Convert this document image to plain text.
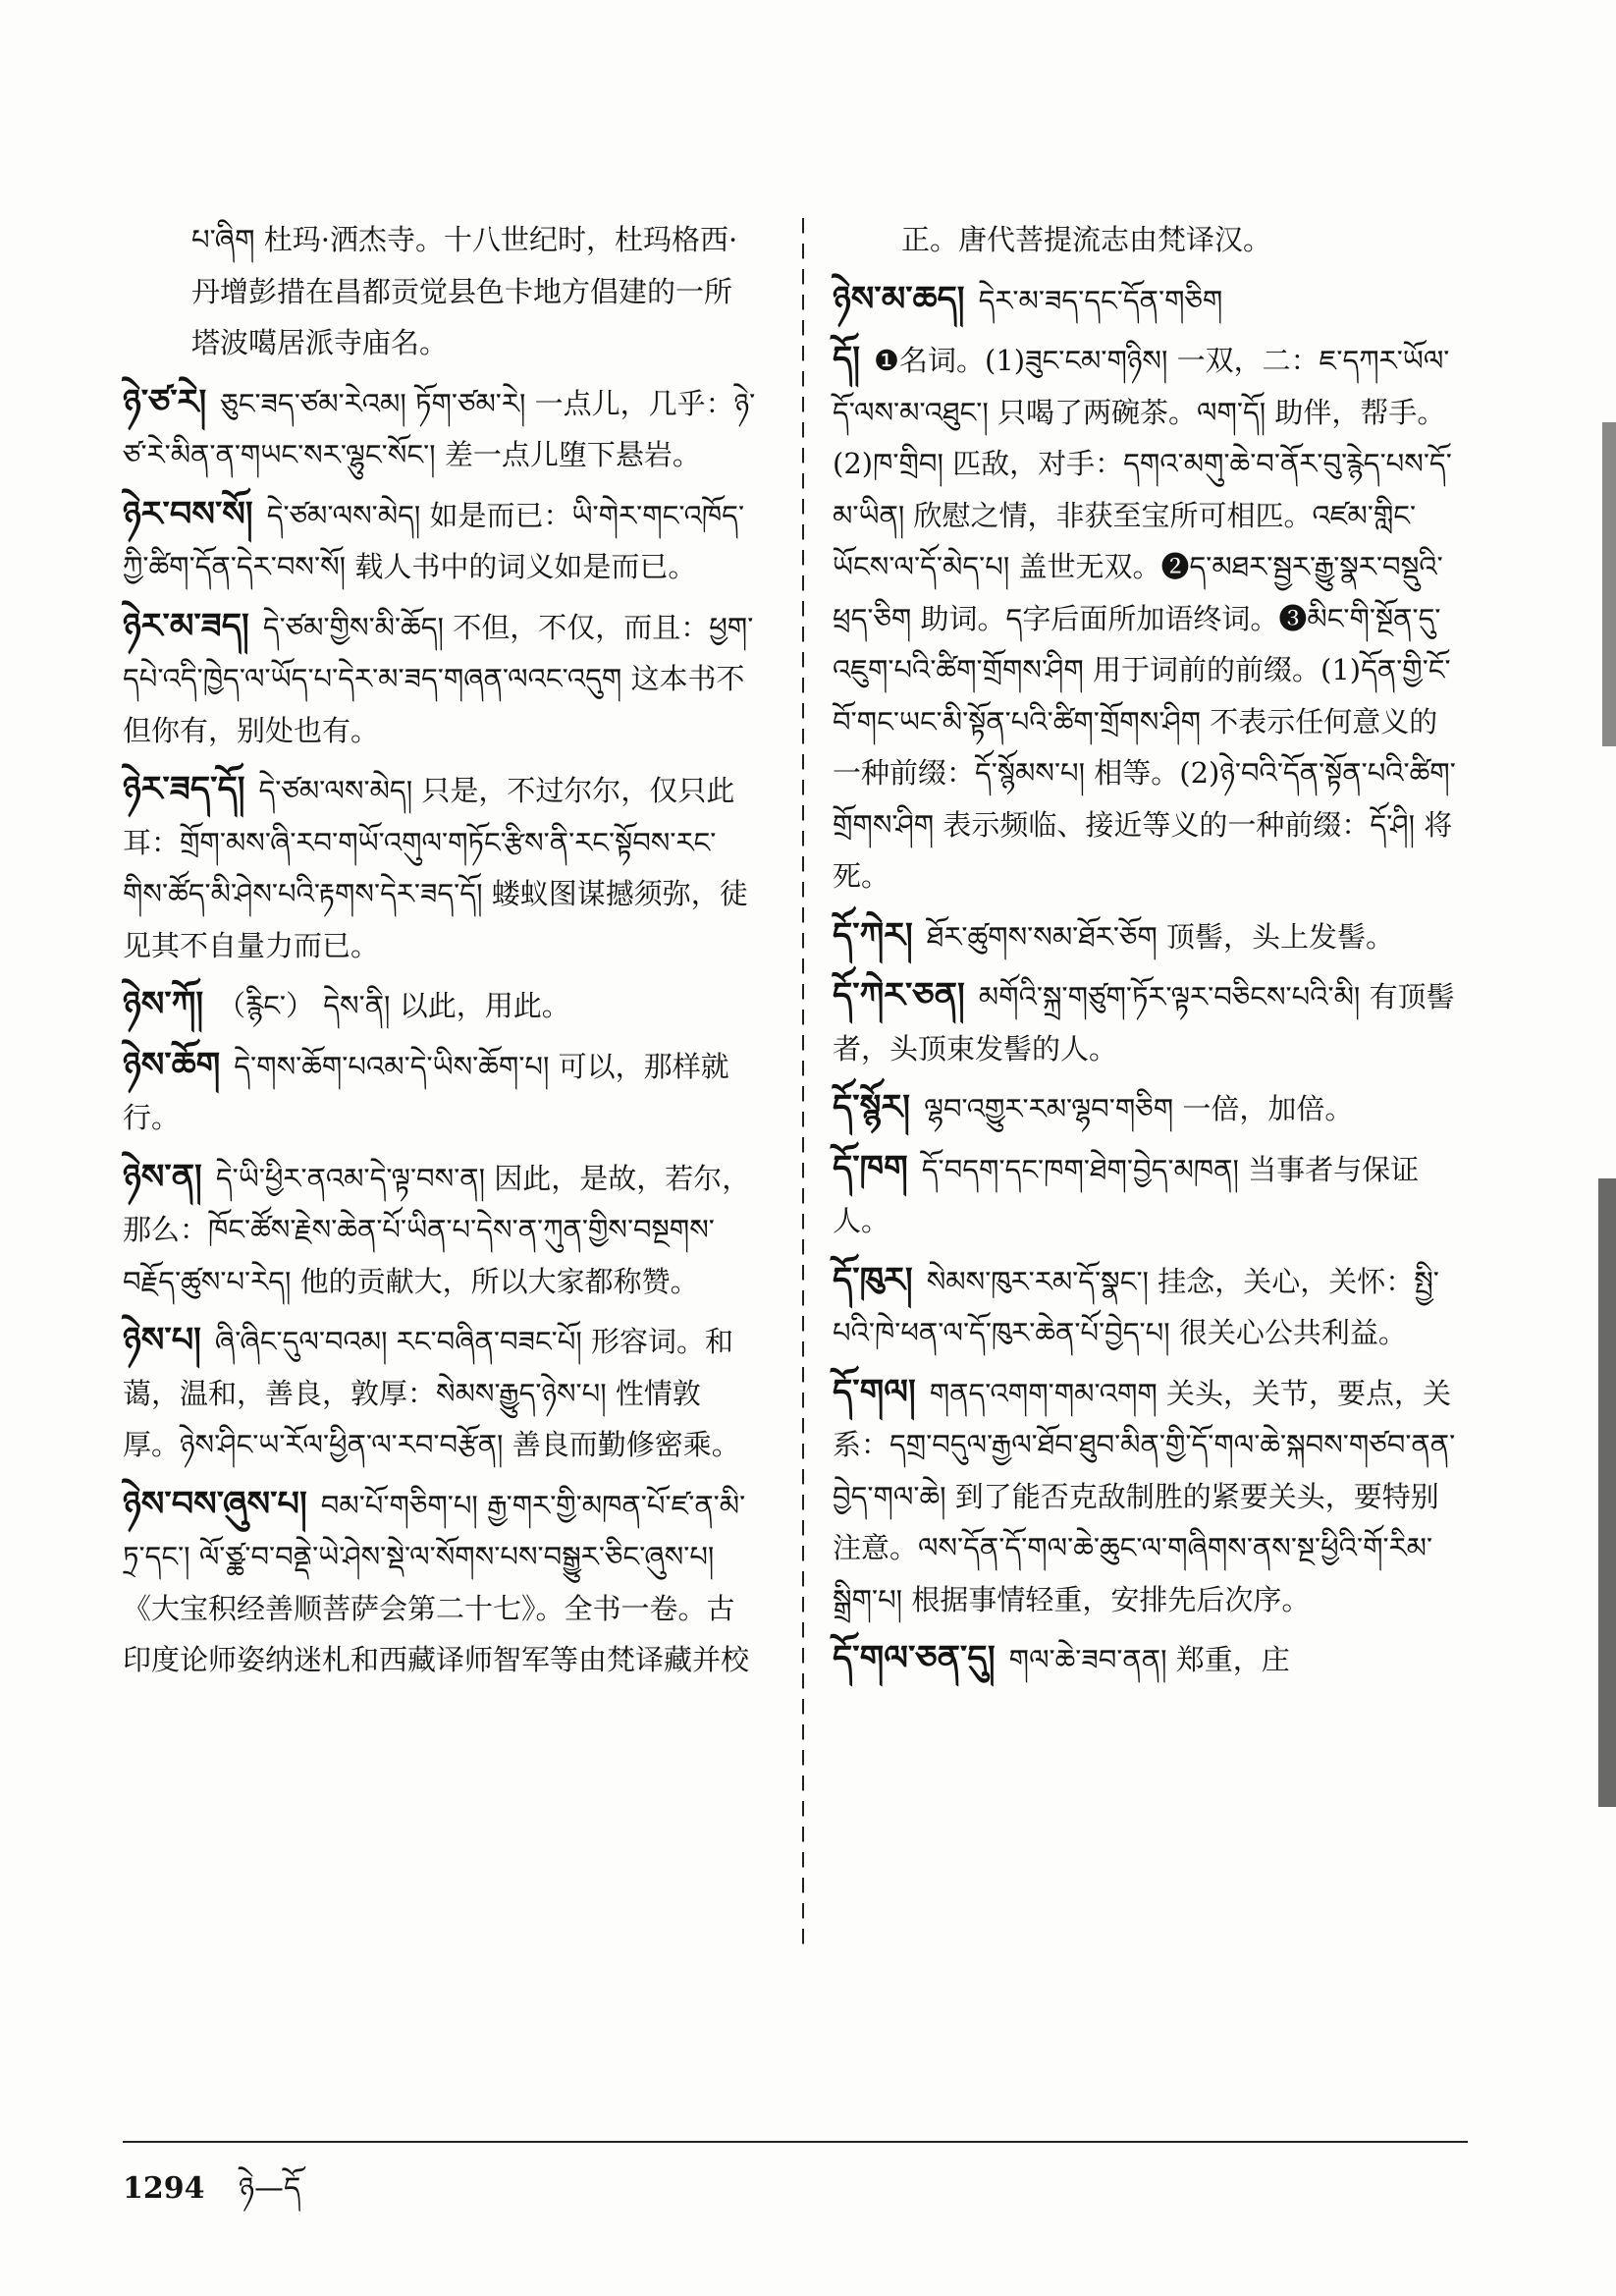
པ་ཞིག 杜玛·洒杰寺。十八世纪时，杜玛格西·丹增彭措在昌都贡觉县色卡地方倡建的一所 塔波噶居派寺庙名。
ཉེ་ཙ་རེ། ཅུང་ཟད་ཙམ་རེའམ། ཏོག་ཙམ་རེ། 一点儿，几乎：ཉེ་ཙ་རེ་མིན་ན་གཡང་སར་ལྷུང་སོང་། 差一点儿堕下悬岩。
ཉེར་བས་སོ། དེ་ཙམ་ལས་མེད། 如是而已：ཡི་གེར་གང་འཁོད་ཀྱི་ཚིག་དོན་དེར་བས་སོ། 载人书中的词义如是而已。
ཉེར་མ་ཟད། དེ་ཙམ་གྱིས་མི་ཆོད། 不但，不仅，而且：ཕྱག་དཔེ་འདི་ཁྱེད་ལ་ཡོད་པ་དེར་མ་ཟད་གཞན་ལའང་འདུག 这本书不但你有，别处也有。
ཉེར་ཟད་དོ། དེ་ཙམ་ལས་མེད། 只是，不过尔尔，仅只此耳：གྲོག་མས་ཞི་རབ་གཡོ་འགུལ་གཏོང་རྩིས་ནི་རང་སྟོབས་རང་གིས་ཚོད་མི་ཤེས་པའི་རྟགས་དེར་ཟད་དོ། 蝼蚁图谋撼须弥，徒见其不自量力而已。
ཉེས་ཀོ། （རྙིང་） དེས་ནི། 以此，用此。
ཉེས་ཆོག དེ་གས་ཆོག་པའམ་དེ་ཡིས་ཆོག་པ། 可以，那样就行。
ཉེས་ན། དེ་ཡི་ཕྱིར་ནའམ་དེ་ལྟ་བས་ན། 因此，是故，若尔，那么：ཁོང་ཚོས་རྗེས་ཆེན་པོ་ཡིན་པ་དེས་ན་ཀུན་གྱིས་བསྔགས་བརྗོད་ཚུས་པ་རེད། 他的贡献大，所以大家都称赞。
ཉེས་པ། ཞི་ཞིང་དུལ་བའམ། རང་བཞིན་བཟང་པོ། 形容词。和蔼，温和，善良，敦厚：སེམས་རྒྱུད་ཉེས་པ། 性情敦厚。ཉེས་ཤིང་ཡ་རོལ་ཕྱིན་ལ་རབ་བརྩོན། 善良而勤修密乘。
ཉེས་བས་ཞུས་པ། བམ་པོ་གཅིག་པ། རྒྱ་གར་གྱི་མཁན་པོ་ཛ་ན་མི་ཏྲ་དང་། ལོ་ཙྪ་བ་བནྡེ་ཡེ་ཤེས་སྡེ་ལ་སོགས་པས་བསྒྱུར་ཅིང་ཞུས་པ། 《大宝积经善顺菩萨会第二十七》。全书一卷。古印度论师姿纳迷札和西藏译师智军等由梵译藏并校
正。唐代菩提流志由梵译汉。
ཉེས་མ་ཆད། དེར་མ་ཟད་དང་དོན་གཅིག
དོ། ❶名词。(1)ཟུང་ངམ་གཉིས། 一双，二：ཇ་དཀར་ཡོལ་དོ་ལས་མ་འཐུང་། 只喝了两碗茶。ལག་དོ། 助伴，帮手。(2)ཁ་གྲིབ། 匹敌，对手：དགའ་མགུ་ཆེ་བ་ནོར་བུ་རྙེད་པས་དོ་མ་ཡིན། 欣慰之情，非获至宝所可相匹。འཛམ་གླིང་ཡོངས་ལ་དོ་མེད་པ། 盖世无双。❷ད་མཐར་སྦྱར་རྒྱུ་སྣར་བསྡུའི་ཕྲད་ཅིག 助词。ད字后面所加语终词。❸མིང་གི་སྔོན་དུ་འཇུག་པའི་ཚིག་གྲོགས་ཤིག 用于词前的前缀。(1)དོན་གྱི་ངོ་བོ་གང་ཡང་མི་སྟོན་པའི་ཚིག་གྲོགས་ཤིག 不表示任何意义的一种前缀：དོ་སྙོམས་པ། 相等。(2)ཉེ་བའི་དོན་སྟོན་པའི་ཚིག་གྲོགས་ཤིག 表示频临、接近等义的一种前缀：དོ་ཤི། 将死。
དོ་ཀེར། ཐོར་ཚུགས་སམ་ཐོར་ཅོག 顶髻，头上发髻。
དོ་ཀེར་ཅན། མགོའི་སྐྲ་གཙུག་ཏོར་ལྟར་བཅིངས་པའི་མི། 有顶髻者，头顶束发髻的人。
དོ་སྙོར། ལྷབ་འགྱུར་རམ་ལྷབ་གཅིག 一倍，加倍。
དོ་ཁག དོ་བདག་དང་ཁག་ཐེག་བྱེད་མཁན། 当事者与保证人。
དོ་ཁུར། སེམས་ཁུར་རམ་དོ་སྣང་། 挂念，关心，关怀：སྤྱི་པའི་ཁེ་ཕན་ལ་དོ་ཁུར་ཆེན་པོ་བྱེད་པ། 很关心公共利益。
དོ་གལ། གནད་འགག་གམ་འགག 关头，关节，要点，关系：དགྲ་བདུལ་རྒྱལ་ཐོབ་ཐུབ་མིན་གྱི་དོ་གལ་ཆེ་སྐབས་གཙབ་ནན་བྱེད་གལ་ཆེ། 到了能否克敌制胜的紧要关头，要特别注意。ལས་དོན་དོ་གལ་ཆེ་ཆུང་ལ་གཞིགས་ནས་སྔ་ཕྱིའི་གོ་རིམ་སྒྲིག་པ། 根据事情轻重，安排先后次序。
དོ་གལ་ཅན་དུ། གལ་ཆེ་ཟབ་ནན། 郑重，庄
1294 ཉེ—དོ
